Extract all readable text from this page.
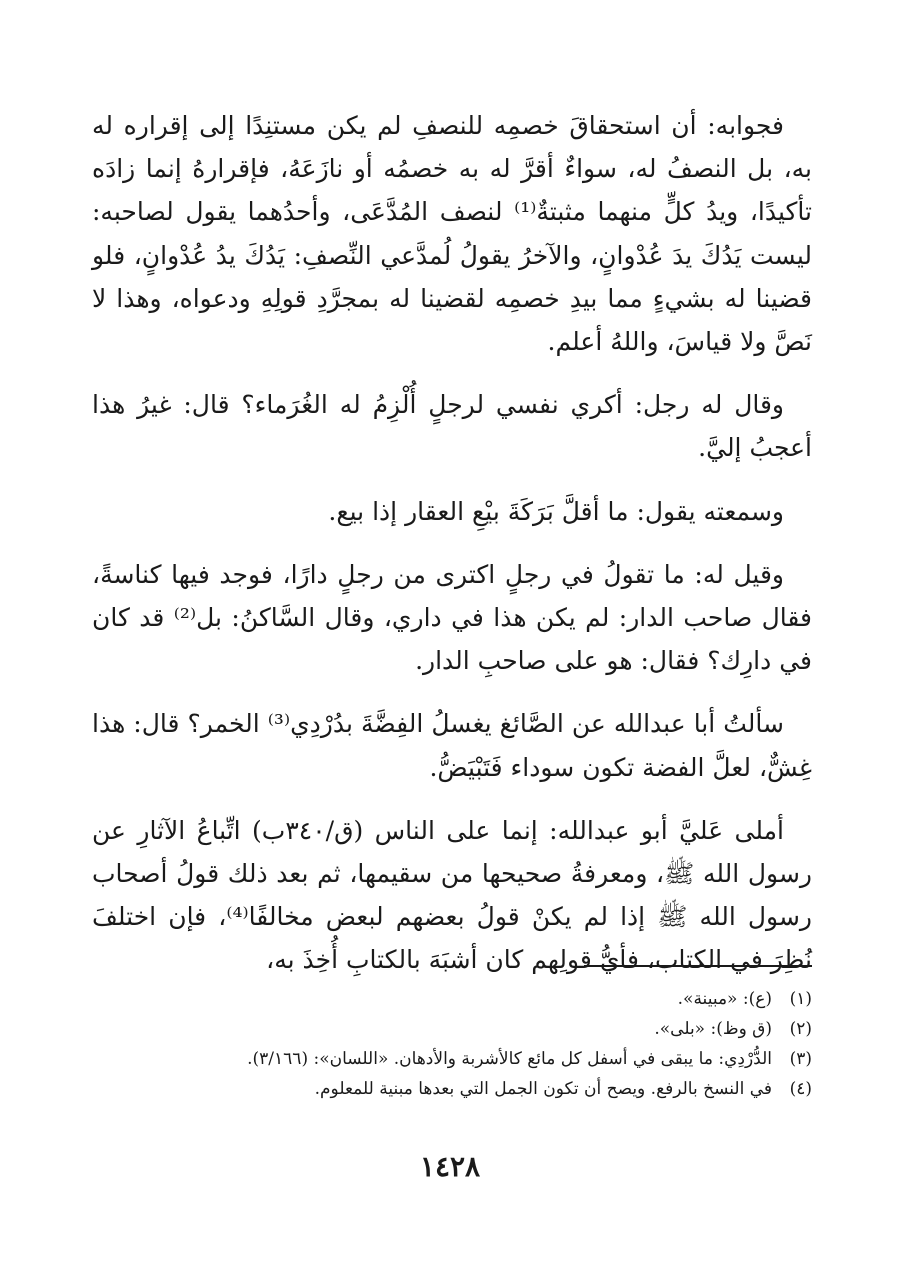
فجوابه: أن استحقاقَ خصمِه للنصفِ لم يكن مستنِدًا إلى إقراره له به، بل النصفُ له، سواءٌ أقرَّ له به خصمُه أو نازَعَهُ، فإقرارهُ إنما زادَه تأكيدًا، ويدُ كلٍّ منهما مثبتةٌ⁽¹⁾ لنصف المُدَّعَى، وأحدُهما يقول لصاحبه: ليست يَدُكَ يدَ عُدْوانٍ، والآخرُ يقولُ لُمدَّعي النِّصفِ: يَدُكَ يدُ عُدْوانٍ، فلو قضينا له بشيءٍ مما بيدِ خصمِه لقضينا له بمجرَّدِ قولِهِ ودعواه، وهذا لا نَصَّ ولا قياسَ، واللهُ أعلم.

وقال له رجل: أكري نفسي لرجلٍ أُلْزِمُ له الغُرَماء؟ قال: غيرُ هذا أعجبُ إليَّ.

وسمعته يقول: ما أقلَّ بَرَكَةَ بيْعِ العقار إذا بيع.

وقيل له: ما تقولُ في رجلٍ اكترى من رجلٍ دارًا، فوجد فيها كناسةً، فقال صاحب الدار: لم يكن هذا في داري، وقال السَّاكنُ: بل⁽²⁾ قد كان في دارِك؟ فقال: هو على صاحبِ الدار.

سألتُ أبا عبدالله عن الصَّائغ يغسلُ الفِضَّةَ بدُرْدِي⁽³⁾ الخمر؟ قال: هذا غِشٌّ، لعلَّ الفضة تكون سوداء فَتَبْيَضُّ.

أملى عَليَّ أبو عبدالله: إنما على الناس (ق/٣٤٠ب) اتِّباعُ الآثارِ عن رسول الله ﷺ، ومعرفةُ صحيحها من سقيمها، ثم بعد ذلك قولُ أصحاب رسول الله ﷺ إذا لم يكنْ قولُ بعضهم لبعض مخالفًا⁽⁴⁾، فإن اختلفَ نُظِرَ في الكتاب، فأيُّ قولِهم كان أشبَهَ بالكتابِ أُخِذَ به،

(١)
(ع): «مبينة».
(٢)
(ق وظ): «بلى».
(٣)
الدُّرْدِي: ما يبقى في أسفل كل مائع كالأشربة والأدهان. «اللسان»: (٣/١٦٦).
(٤)
في النسخ بالرفع. ويصح أن تكون الجمل التي بعدها مبنية للمعلوم.
١٤٢٨
